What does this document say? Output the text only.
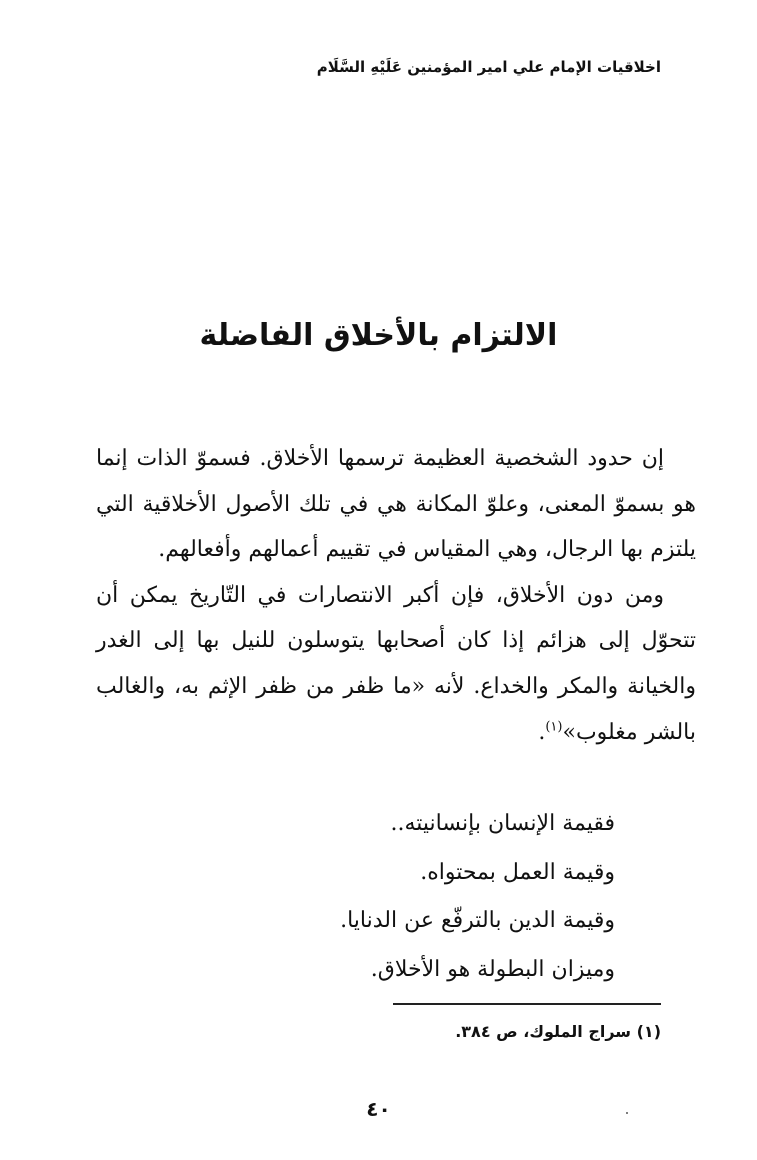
اخلاقيات الإمام علي امير المؤمنين عَلَيْهِ السَّلَام
الالتزام بالأخلاق الفاضلة

إن حدود الشخصية العظيمة ترسمها الأخلاق. فسموّ الذات إنما هو بسموّ المعنى، وعلوّ المكانة هي في تلك الأصول الأخلاقية التي يلتزم بها الرجال، وهي المقياس في تقييم أعمالهم وأفعالهم.

ومن دون الأخلاق، فإن أكبر الانتصارات في التّاريخ يمكن أن تتحوّل إلى هزائم إذا كان أصحابها يتوسلون للنيل بها إلى الغدر والخيانة والمكر والخداع. لأنه «ما ظفر من ظفر الإثم به، والغالب بالشر مغلوب»$^{(١)}$.

فقيمة الإنسان بإنسانيته..
وقيمة العمل بمحتواه.
وقيمة الدين بالترفّع عن الدنايا.
وميزان البطولة هو الأخلاق.
(١) سراج الملوك، ص ٣٨٤.
٤٠
